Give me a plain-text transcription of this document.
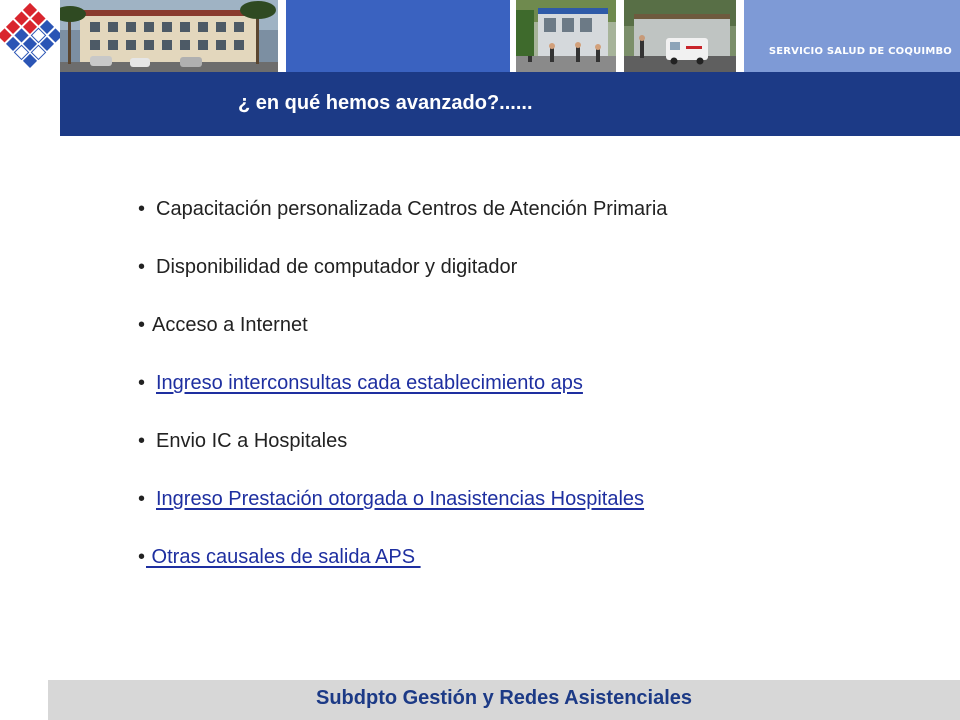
SERVICIO SALUD DE COQUIMBO
¿ en qué hemos avanzado?......
• Capacitación personalizada Centros de Atención Primaria
• Disponibilidad de computador y digitador
• Acceso a Internet
• Ingreso interconsultas cada establecimiento aps
• Envio IC a Hospitales
• Ingreso Prestación otorgada o Inasistencias Hospitales
• Otras causales de salida APS
Subdpto Gestión y Redes Asistenciales
